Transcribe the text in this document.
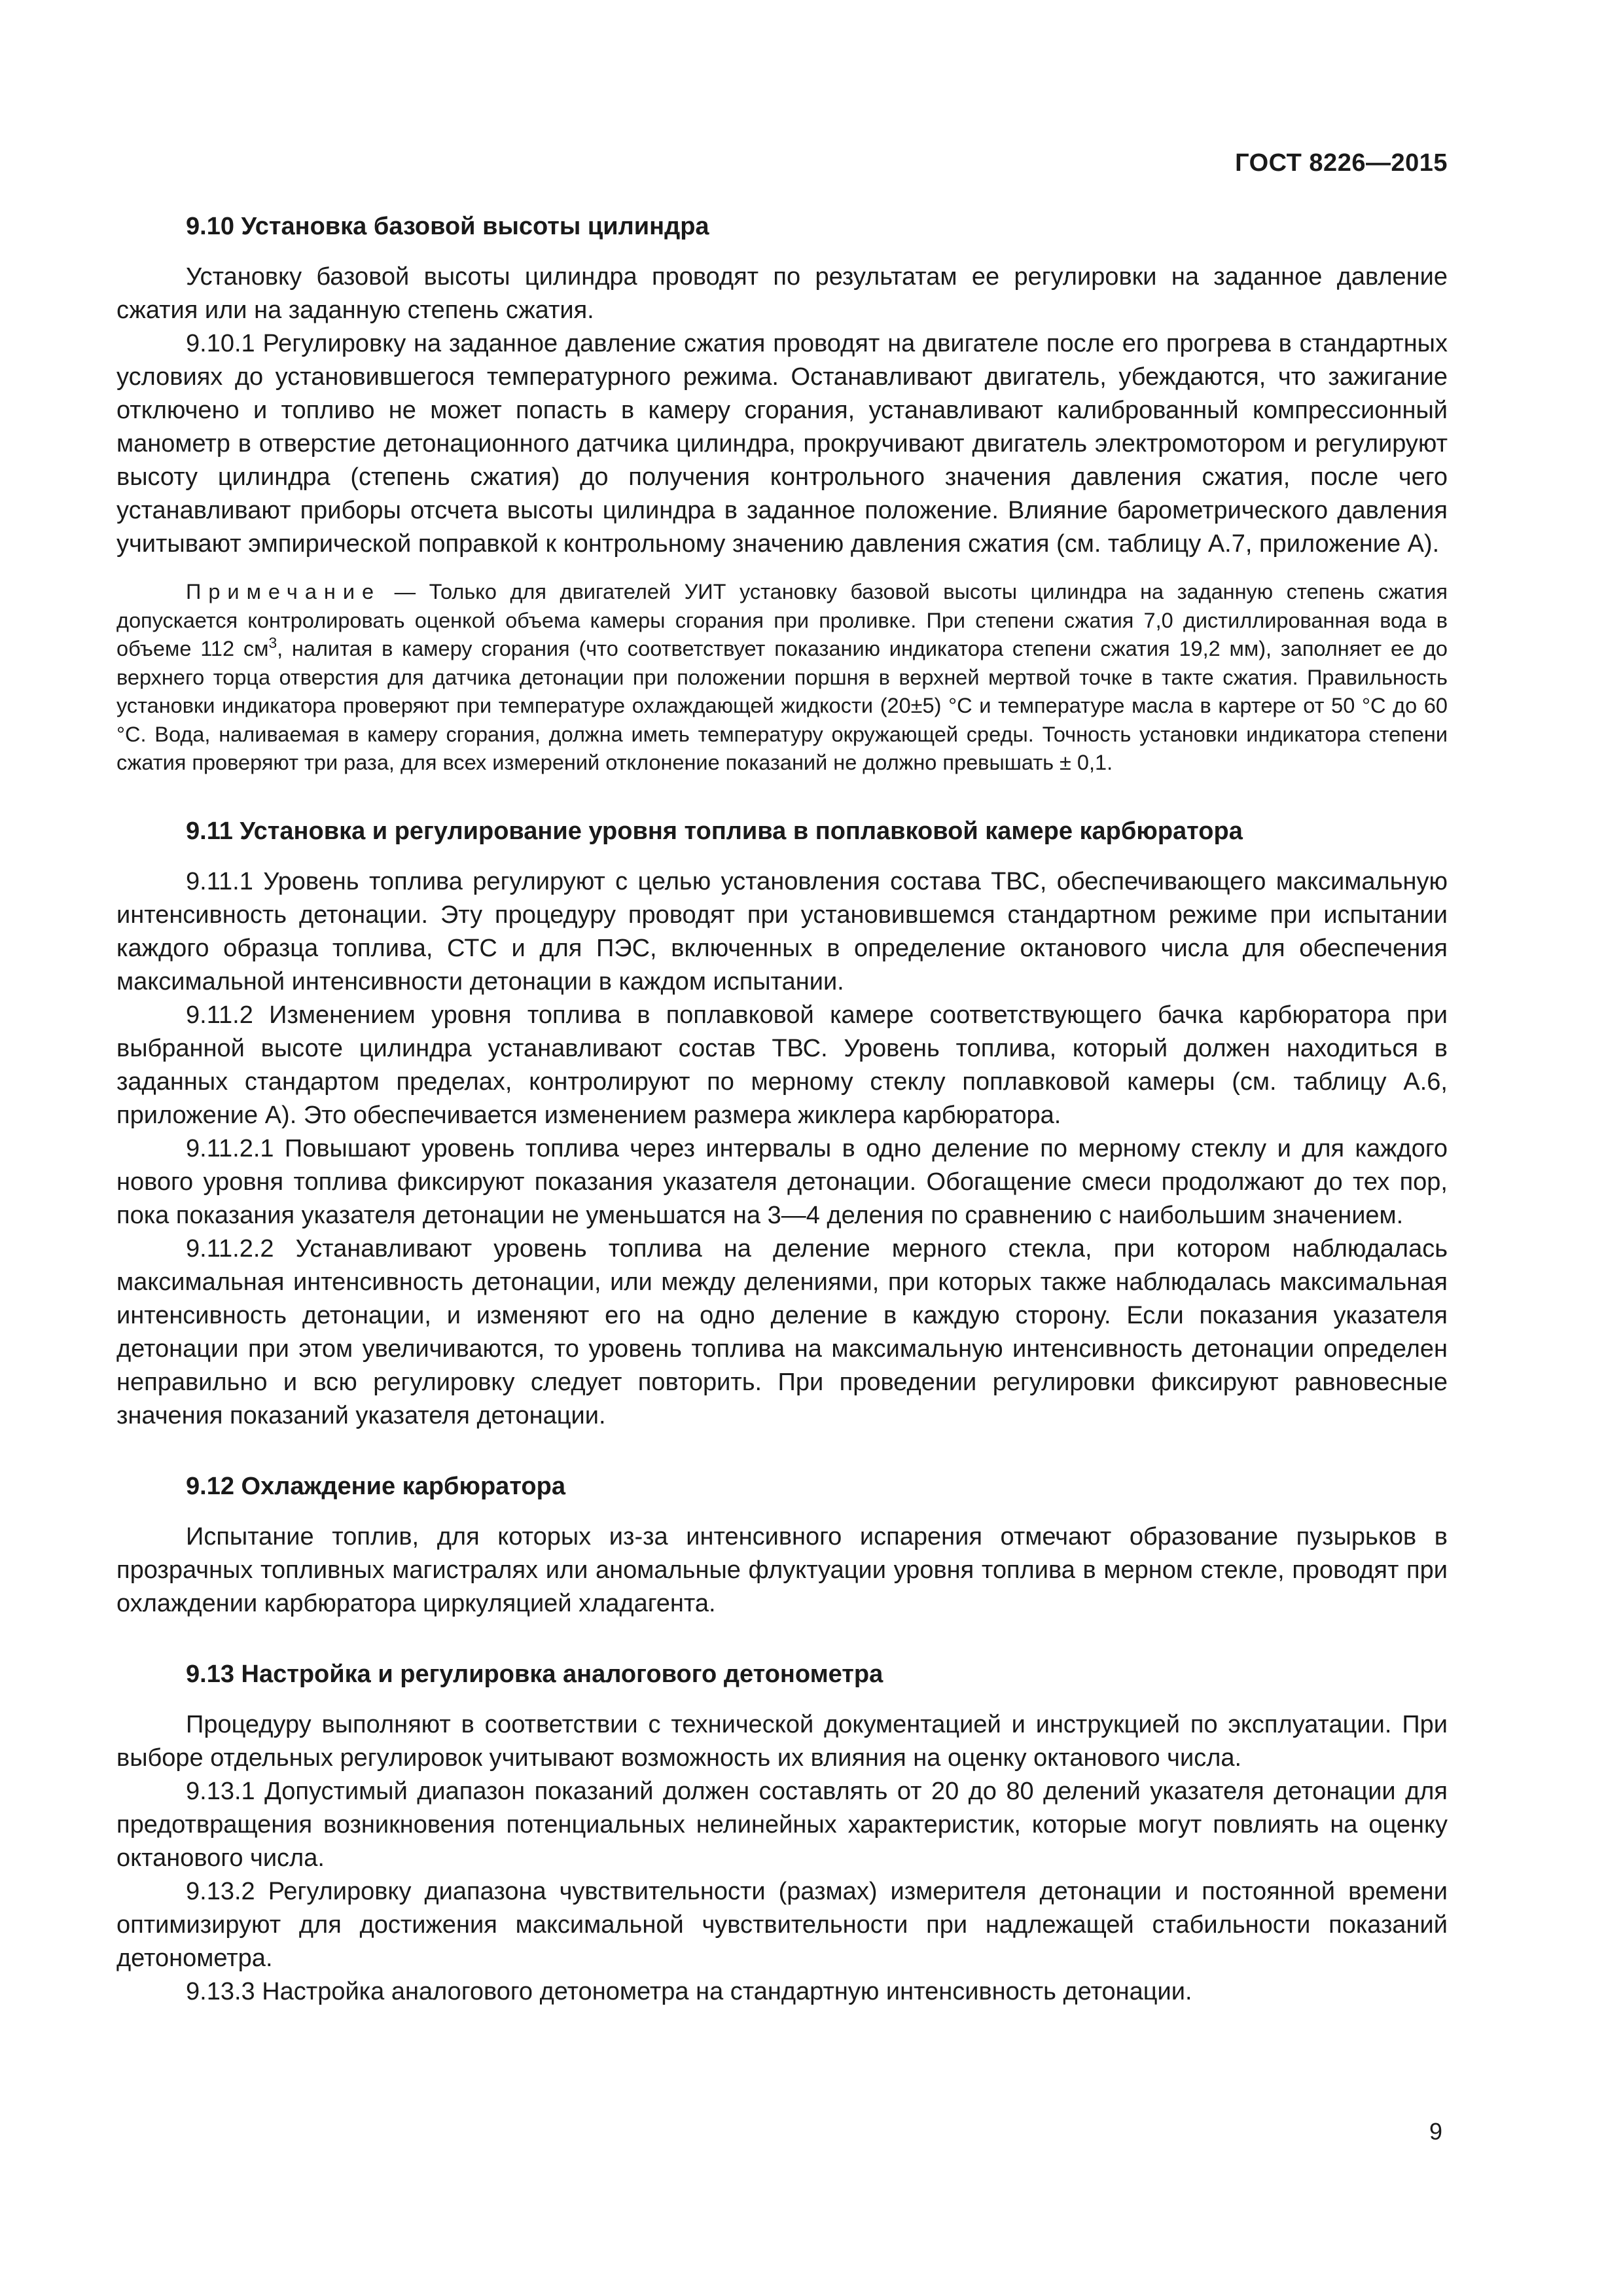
ГОСТ 8226—2015
9.10 Установка базовой высоты цилиндра

Установку базовой высоты цилиндра проводят по результатам ее регулировки на заданное давление сжатия или на заданную степень сжатия.

9.10.1 Регулировку на заданное давление сжатия проводят на двигателе после его прогрева в стандартных условиях до установившегося температурного режима. Останавливают двигатель, убеждаются, что зажигание отключено и топливо не может попасть в камеру сгорания, устанавливают калиброванный компрессионный манометр в отверстие детонационного датчика цилиндра, прокручивают двигатель электромотором и регулируют высоту цилиндра (степень сжатия) до получения контрольного значения давления сжатия, после чего устанавливают приборы отсчета высоты цилиндра в заданное положение. Влияние барометрического давления учитывают эмпирической поправкой к контрольному значению давления сжатия (см. таблицу А.7, приложение А).

Примечание — Только для двигателей УИТ установку базовой высоты цилиндра на заданную степень сжатия допускается контролировать оценкой объема камеры сгорания при проливке. При степени сжатия 7,0 дистиллированная вода в объеме 112 $см^3$, налитая в камеру сгорания (что соответствует показанию индикатора степени сжатия 19,2 мм), заполняет ее до верхнего торца отверстия для датчика детонации при положении поршня в верхней мертвой точке в такте сжатия. Правильность установки индикатора проверяют при температуре охлаждающей жидкости (20±5) °С и температуре масла в картере от 50 °С до 60 °С. Вода, наливаемая в камеру сгорания, должна иметь температуру окружающей среды. Точность установки индикатора степени сжатия проверяют три раза, для всех измерений отклонение показаний не должно превышать ± 0,1.
9.11 Установка и регулирование уровня топлива в поплавковой камере карбюратора

9.11.1 Уровень топлива регулируют с целью установления состава ТВС, обеспечивающего максимальную интенсивность детонации. Эту процедуру проводят при установившемся стандартном режиме при испытании каждого образца топлива, СТС и для ПЭС, включенных в определение октанового числа для обеспечения максимальной интенсивности детонации в каждом испытании.

9.11.2 Изменением уровня топлива в поплавковой камере соответствующего бачка карбюратора при выбранной высоте цилиндра устанавливают состав ТВС. Уровень топлива, который должен находиться в заданных стандартом пределах, контролируют по мерному стеклу поплавковой камеры (см. таблицу А.6, приложение А). Это обеспечивается изменением размера жиклера карбюратора.

9.11.2.1 Повышают уровень топлива через интервалы в одно деление по мерному стеклу и для каждого нового уровня топлива фиксируют показания указателя детонации. Обогащение смеси продолжают до тех пор, пока показания указателя детонации не уменьшатся на 3—4 деления по сравнению с наибольшим значением.

9.11.2.2 Устанавливают уровень топлива на деление мерного стекла, при котором наблюдалась максимальная интенсивность детонации, или между делениями, при которых также наблюдалась максимальная интенсивность детонации, и изменяют его на одно деление в каждую сторону. Если показания указателя детонации при этом увеличиваются, то уровень топлива на максимальную интенсивность детонации определен неправильно и всю регулировку следует повторить. При проведении регулировки фиксируют равновесные значения показаний указателя детонации.

9.12 Охлаждение карбюратора

Испытание топлив, для которых из-за интенсивного испарения отмечают образование пузырьков в прозрачных топливных магистралях или аномальные флуктуации уровня топлива в мерном стекле, проводят при охлаждении карбюратора циркуляцией хладагента.

9.13 Настройка и регулировка аналогового детонометра

Процедуру выполняют в соответствии с технической документацией и инструкцией по эксплуатации. При выборе отдельных регулировок учитывают возможность их влияния на оценку октанового числа.

9.13.1 Допустимый диапазон показаний должен составлять от 20 до 80 делений указателя детонации для предотвращения возникновения потенциальных нелинейных характеристик, которые могут повлиять на оценку октанового числа.

9.13.2 Регулировку диапазона чувствительности (размах) измерителя детонации и постоянной времени оптимизируют для достижения максимальной чувствительности при надлежащей стабильности показаний детонометра.

9.13.3 Настройка аналогового детонометра на стандартную интенсивность детонации.

9
